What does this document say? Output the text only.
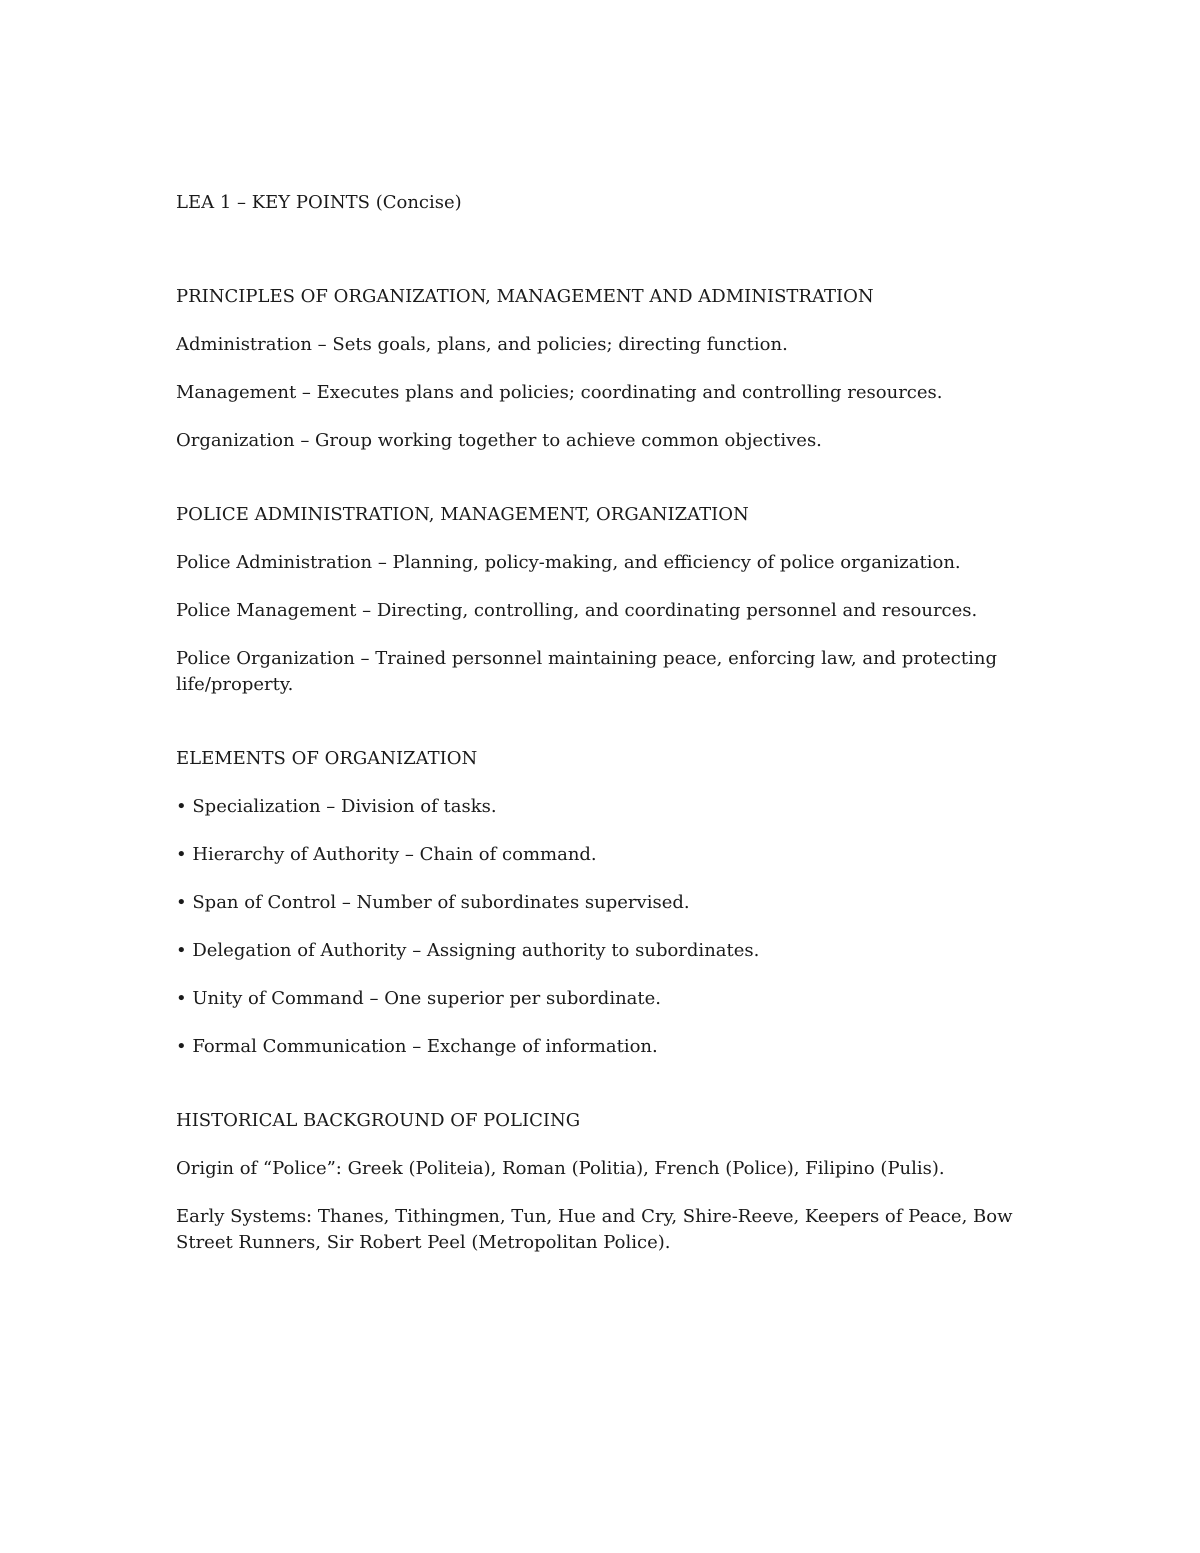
LEA 1 – KEY POINTS (Concise)

PRINCIPLES OF ORGANIZATION, MANAGEMENT AND ADMINISTRATION

Administration – Sets goals, plans, and policies; directing function.

Management – Executes plans and policies; coordinating and controlling resources.

Organization – Group working together to achieve common objectives.

POLICE ADMINISTRATION, MANAGEMENT, ORGANIZATION

Police Administration – Planning, policy-making, and efficiency of police organization.

Police Management – Directing, controlling, and coordinating personnel and resources.

Police Organization – Trained personnel maintaining peace, enforcing law, and protecting life/property.

ELEMENTS OF ORGANIZATION

• Specialization – Division of tasks.

• Hierarchy of Authority – Chain of command.

• Span of Control – Number of subordinates supervised.

• Delegation of Authority – Assigning authority to subordinates.

• Unity of Command – One superior per subordinate.

• Formal Communication – Exchange of information.

HISTORICAL BACKGROUND OF POLICING

Origin of “Police”: Greek (Politeia), Roman (Politia), French (Police), Filipino (Pulis).

Early Systems: Thanes, Tithingmen, Tun, Hue and Cry, Shire-Reeve, Keepers of Peace, Bow Street Runners, Sir Robert Peel (Metropolitan Police).
